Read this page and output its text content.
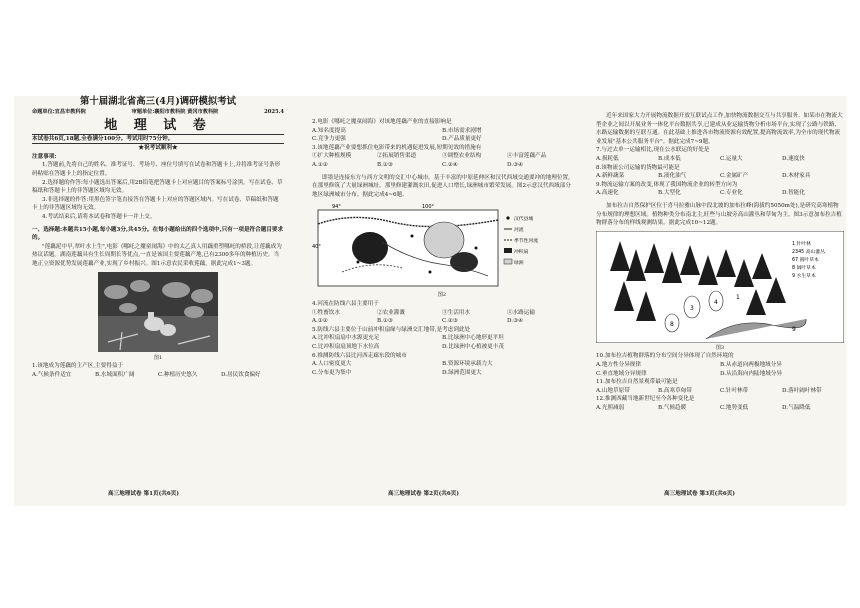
第十届湖北省高三(4月)调研模拟考试
命题单位:宜昌市教科院	审题单位:襄阳市教科院 黄冈市教科院	2025.4
地 理 试 卷

本试卷共6页,18题,全卷满分100分。考试用时75分钟。

★祝考试顺利★

注意事项:

1.答题前,先将自己的姓名、准考证号、考场号、座位号填写在试卷和答题卡上,并将准考证号条形码粘贴在答题卡上的指定位置。

2.选择题的作答:每小题选出答案后,用2B铅笔把答题卡上对应题目的答案标号涂黑。写在试卷、草稿纸和答题卡上的非答题区域均无效。

3.非选择题的作答:用黑色签字笔直接答在答题卡上对应的答题区域内。写在试卷、草稿纸和答题卡上的非答题区域均无效。

4.考试结束后,请将本试卷和答题卡一并上交。

一、选择题:本题共15小题,每小题3分,共45分。在每小题给出的四个选项中,只有一项是符合题目要求的。

"莲藕泥中早,翠叶水上生",电影《哪吒之魔童闹海》中的太乙真人用藕重塑哪吒的桥段,让莲藕成为热议话题。湖南莲藕具有生长周期长等优点,一直是该国主要莲藕产地,已有2300多年的种植历史。当地正立资源优势发展莲藕产业,实现了乡村振兴。图1示意农民采收莲藕。据此完成1~3题。

图1

1.该地成为莲藕的主产区,主要得益于

A.气候条件适宜	B.水域面积广阔	C.种植历史悠久	D.居民饮食偏好
高三地理试卷 第1页(共6页)

2.电影《哪吒之魔童闹海》对该地莲藕产业的直接影响是

A.知名度提高	B.市场需求剧增
C.竞争力更强	D.产品质量更好

3.该地莲藕产业要想抓住电影带来的机遇促进发展,短期见效的措施有

①扩大种植规模	②拓展销售渠道	③调整农业结构	④丰富莲藕产品
A.①②	B.①③	C.②④	D.③④

即墨是连接东方与西方文明的交汇中心城市。基于丰富的中原延伸区和汉代西域交通要冲的地理位置,在那里修筑了大量绿洲城址。那里修建灌溉农田,促进人口增长,绿洲城市繁荣发展。图2示意汉代西域部分地区绿洲城市分布。据此完成4~6题。

94°	100°
40°
汉代县城
河流
季节性河流
冲积扇
绿洲

图2

4.河流在防线六县主要用于

①牲畜饮水	②农业灌溉	③生活用水	④水路运输
A.①②	B.①③	C.②③	D.③④

5.防线六县主要位于山前冲积扇缘与绿洲交汇地带,是考虑到此处

A.比冲积扇扇中水源更充足	B.比绿洲中心地形更平坦
C.比冲积扇扇顶地下水位高	D.比绿洲中心植被更丰茂

6.推测防线六县比河西走廊东段的城市

A.人口密度更大	B.资源环境承载力大
C.分布更为集中	D.绿洲范围更大
高三地理试卷 第2页(共6页)

近年来国家大力开展物流数据开放互联试点工作,加快物流数据交互与共享服务。如某市在物流大型企业之间以开展业务一体化平台数据共享,已建成从业运输货物分析市场平台,实现了公路与铁路、水路运输数据的互联互通。在此基础上推进各市物流资源有效配置,提高物流效率,为全市的现代物流业发展"基本公共服务平台"。据此完成7~9题。

7.与过去单一运输相比,现在公水联运的好处是

A.损耗低	B.成本低	C.运量大	D.速度快

8.该物流公司运输的货物最可能是

A.新鲜蔬菜	B.液化油气	C.金属矿产	D.木材家具

9.物流运输方案的改变,体现了我国物流企业的转型方向为

A.高速化	B.大型化	C.专业化	D.智能化

加布拉吉自然保护区位于喜马拉雅山脉中段北坡的加布拉峰(海拔约5050m处),是研究高寒植物分布规律的理想区域。植物种类分布南北主,旺些与山坡旁高山灌丛和草甸为主。图3示意加布拉吉植物群落分布的样线观测结果。据此完成10~12题。

1
3
4
8
9
1 针叶林
2345 高山灌丛
67 圆叶草本
8 阔叶草本
9 水生草本

图3

10.加布拉吉植物群落的分布空间分异体现了自然环境的

A.地方性分异规律	B.从赤道向两极地域分异
C.垂直地域分异规律	D.从沿海向内陆地域分异

11.加布拉吉自然景观带最可能是

A.山地草原带	B.高寒草甸带	C.针叶林带	D.落叶阔叶林带

12.推测西藏当地新世纪至今各种变化是

A.光照减弱	B.气候趋暖	C.地势变低	D.气温降低
高三地理试卷 第3页(共6页)
